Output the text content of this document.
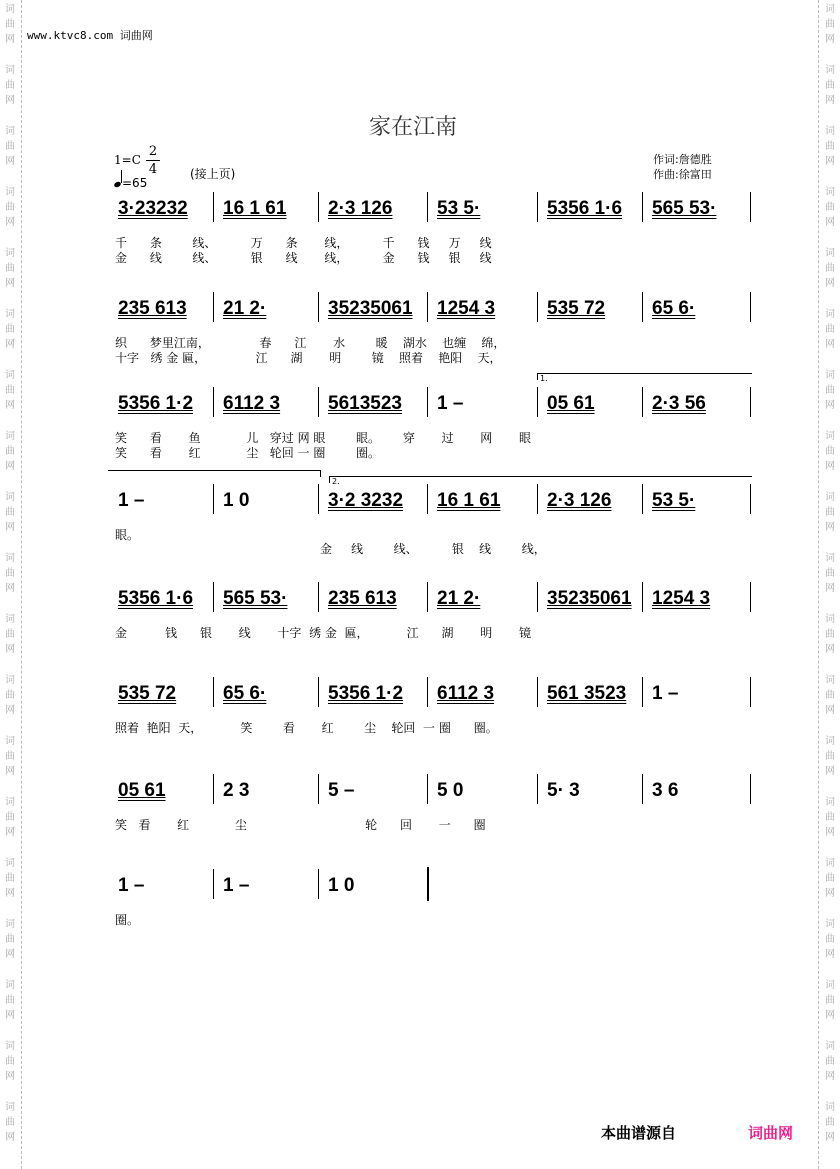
词
曲
网
词
曲
网
词
曲
网
词
曲
网
词
曲
网
词
曲
网
词
曲
网
词
曲
网
词
曲
网
词
曲
网
词
曲
网
词
曲
网
词
曲
网
词
曲
网
词
曲
网
词
曲
网
词
曲
网
词
曲
网
词
曲
网
词
曲
网
词
曲
网
词
曲
网
词
曲
网
词
曲
网
词
曲
网
词
曲
网
词
曲
网
词
曲
网
词
曲
网
词
曲
网
词
曲
网
词
曲
网
词
曲
网
词
曲
网
词
曲
网
词
曲
网
词
曲
网
词
曲
网
www.ktvc8.com 词曲网
家在江南
1=C
2
4
=65
(接上页)
作词:詹德胜
作曲:徐富田
3·23232	16 1 61	2·3 126	53 5·	5356 1·6	565 53·
千      条        线、         万      条       线，         千      钱     万     线
金      线        线、         银      线       线，         金      钱     银     线
235 613	21 2·	35235061	1254 3	535 72	65 6·
织      梦里江南，             春      江       水        暖    湖水    也缠    绵，
十字   绣 金 匾，             江      湖       明        镜    照着    艳阳    天，
5356 1·2	6112 3	5613523	1 –	05 61	2·3 56
1.
笑      看       鱼            儿   穿过 网 眼        眼。      穿       过       网       眼
笑      看       红            尘   轮回 一 圈        圈。
1 –	1 0	3·2 3232	16 1 61	2·3 126	53 5·
2.
眼。
金     线        线、         银    线        线，
5356 1·6	565 53·	235 613	21 2·	35235061	1254 3
金          钱      银       线       十字  绣 金  匾，          江      湖       明       镜
535 72	65 6·	5356 1·2	6112 3	561 3523	1 –
照着  艳阳  天，          笑        看       红        尘    轮回  一 圈      圈。
05 61	2 3	5 –	5 0	5· 3	3 6
笑   看       红            尘                               轮      回       一      圈
1 –	1 –	1 0
圈。
本曲谱源自	词曲网
